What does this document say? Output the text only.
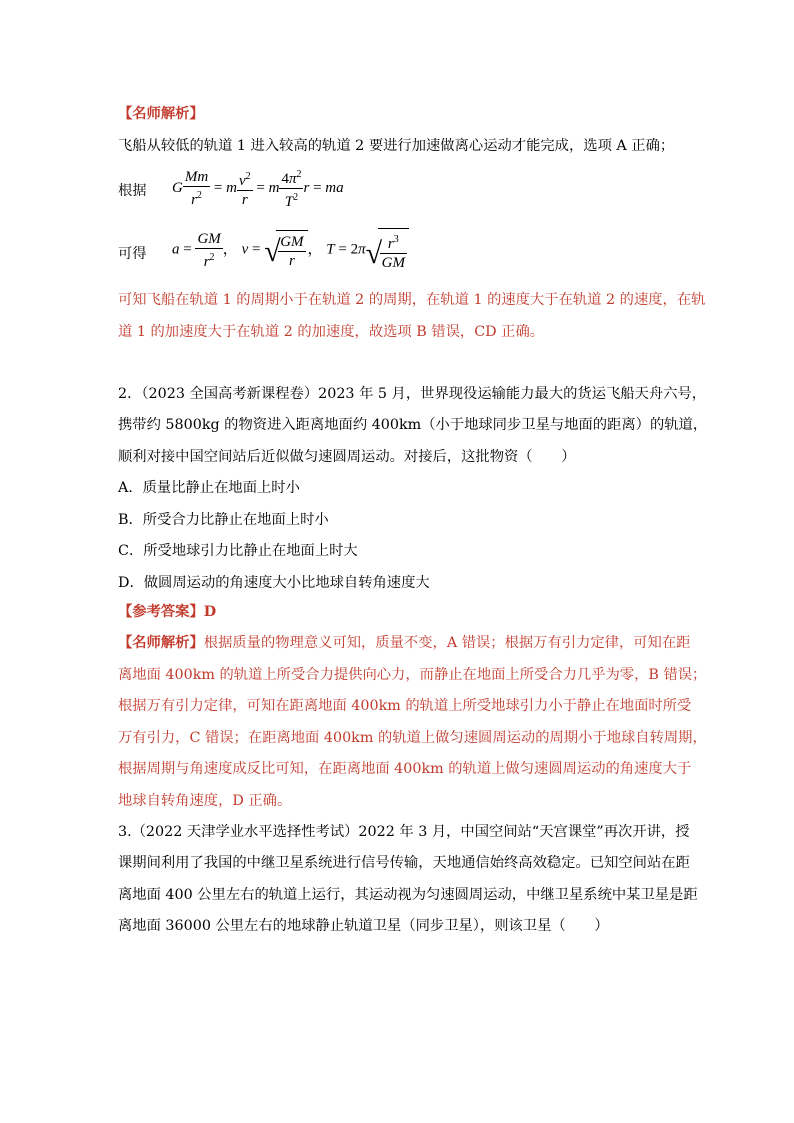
【名师解析】
飞船从较低的轨道 1 进入较高的轨道 2 要进行加速做离心运动才能完成，选项 A 正确；
根据 G $\frac{Mm}{r^2} = m \frac{v^2}{r} = m \frac{4\pi^2}{T^2}$ r = ma
可得 $a = \frac{GM}{r^2}$ ， v = √
$\frac{GM}{r}$ ， T = 2π √
$\frac{r^3}{GM}$
可知飞船在轨道 1 的周期小于在轨道 2 的周期，在轨道 1 的速度大于在轨道 2 的速度，在轨
道 1 的加速度大于在轨道 2 的加速度，故选项 B 错误，CD 正确。
2．（2023 全国高考新课程卷）2023 年 5 月，世界现役运输能力最大的货运飞船天舟六号，
携带约 5800kg 的物资进入距离地面约 400km（小于地球同步卫星与地面的距离）的轨道，
顺利对接中国空间站后近似做匀速圆周运动。对接后，这批物资（　　）
A．质量比静止在地面上时小
B．所受合力比静止在地面上时小
C．所受地球引力比静止在地面上时大
D．做圆周运动的角速度大小比地球自转角速度大
【参考答案】D
【名师解析】根据质量的物理意义可知，质量不变，A 错误；根据万有引力定律，可知在距
离地面 400km 的轨道上所受合力提供向心力，而静止在地面上所受合力几乎为零，B 错误；
根据万有引力定律，可知在距离地面 400km 的轨道上所受地球引力小于静止在地面时所受
万有引力，C 错误；在距离地面 400km 的轨道上做匀速圆周运动的周期小于地球自转周期，
根据周期与角速度成反比可知，在距离地面 400km 的轨道上做匀速圆周运动的角速度大于
地球自转角速度，D 正确。
3.（2022 天津学业水平选择性考试）2022 年 3 月，中国空间站“天宫课堂”再次开讲，授
课期间利用了我国的中继卫星系统进行信号传输，天地通信始终高效稳定。已知空间站在距
离地面 400 公里左右的轨道上运行，其运动视为匀速圆周运动，中继卫星系统中某卫星是距
离地面 36000 公里左右的地球静止轨道卫星（同步卫星），则该卫星（　　）
